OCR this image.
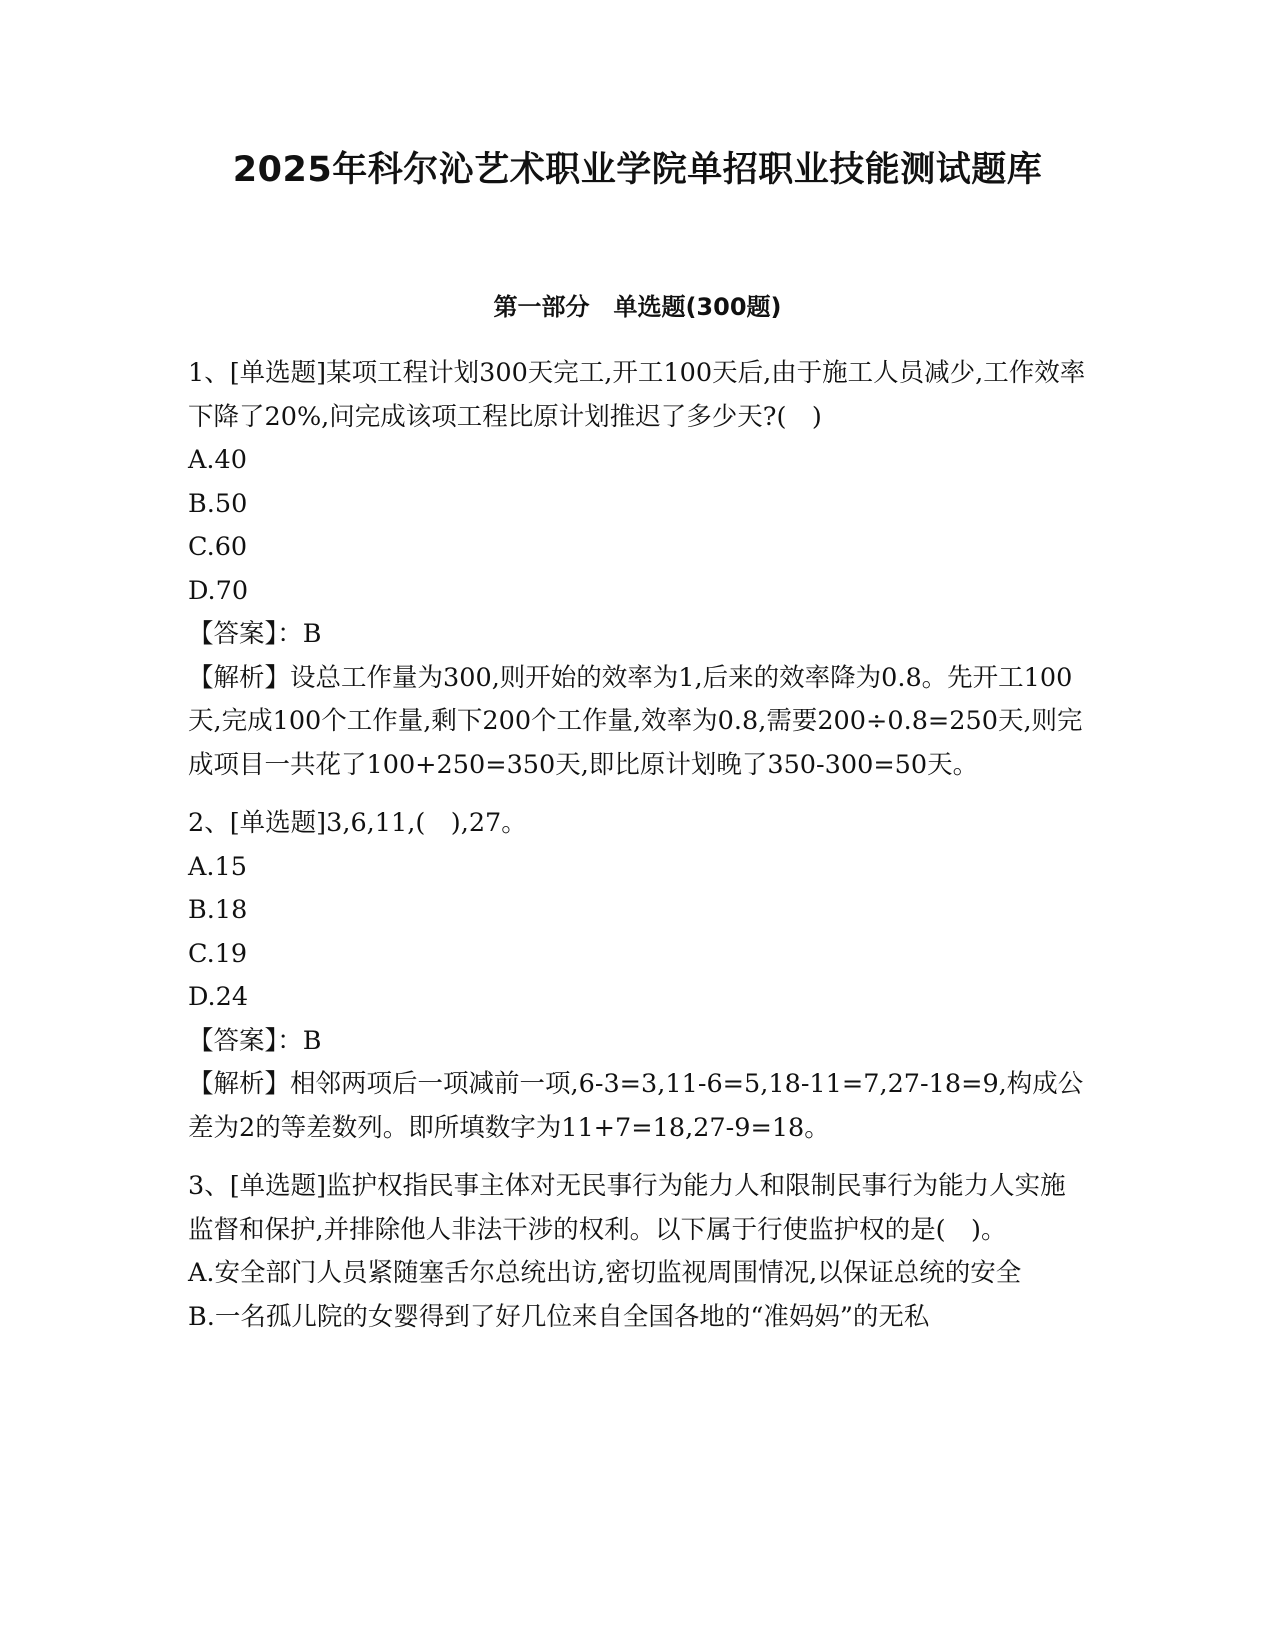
2025年科尔沁艺术职业学院单招职业技能测试题库
第一部分　单选题(300题)

1、[单选题]某项工程计划300天完工,开工100天后,由于施工人员减少,工作效率下降了20%,问完成该项工程比原计划推迟了多少天?(　)

A.40

B.50

C.60

D.70

【答案】：B

【解析】设总工作量为300,则开始的效率为1,后来的效率降为0.8。先开工100天,完成100个工作量,剩下200个工作量,效率为0.8,需要200÷0.8=250天,则完成项目一共花了100+250=350天,即比原计划晚了350-300=50天。

2、[单选题]3,6,11,(　),27。

A.15

B.18

C.19

D.24

【答案】：B

【解析】相邻两项后一项减前一项,6-3=3,11-6=5,18-11=7,27-18=9,构成公差为2的等差数列。即所填数字为11+7=18,27-9=18。

3、[单选题]监护权指民事主体对无民事行为能力人和限制民事行为能力人实施监督和保护,并排除他人非法干涉的权利。以下属于行使监护权的是(　)。

A.安全部门人员紧随塞舌尔总统出访,密切监视周围情况,以保证总统的安全

B.一名孤儿院的女婴得到了好几位来自全国各地的“准妈妈”的无私
